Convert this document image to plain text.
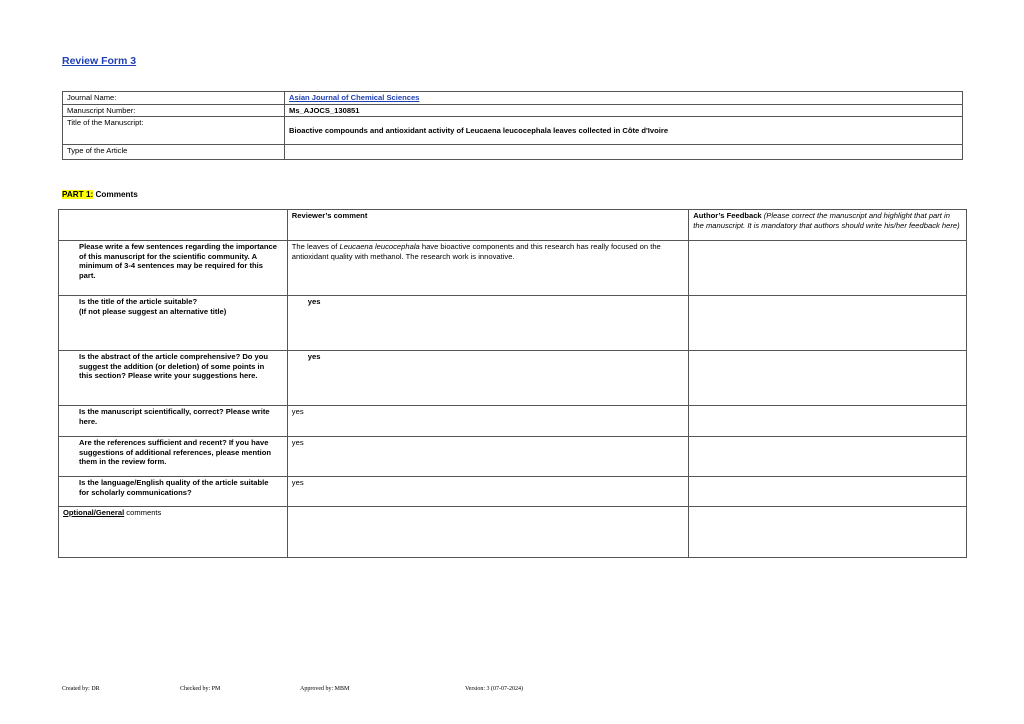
Review Form 3
Journal Name:	Asian Journal of Chemical Sciences
Manuscript Number:	Ms_AJOCS_130851
Title of the Manuscript:	Bioactive compounds and antioxidant activity of Leucaena leucocephala leaves collected in Côte d'Ivoire
Type of the Article	
PART 1: Comments
	Reviewer’s comment	Author’s Feedback (Please correct the manuscript and highlight that part in the manuscript. It is mandatory that authors should write his/her feedback here)
Please write a few sentences regarding the importance of this manuscript for the scientific community. A minimum of 3-4 sentences may be required for this part.	The leaves of Leucaena leucocephala have bioactive components and this research has really focused on the antioxidant quality with methanol. The research work is innovative.	
Is the title of the article suitable?
(If not please suggest an alternative title)	yes	
Is the abstract of the article comprehensive? Do you suggest the addition (or deletion) of some points in this section? Please write your suggestions here.	yes	
Is the manuscript scientifically, correct? Please write here.	yes	
Are the references sufficient and recent? If you have suggestions of additional references, please mention them in the review form.	yes	
Is the language/English quality of the article suitable for scholarly communications?	yes	
Optional/General comments		
Created by: DR	Checked by: PM	Approved by: MBM	Version: 3 (07-07-2024)
